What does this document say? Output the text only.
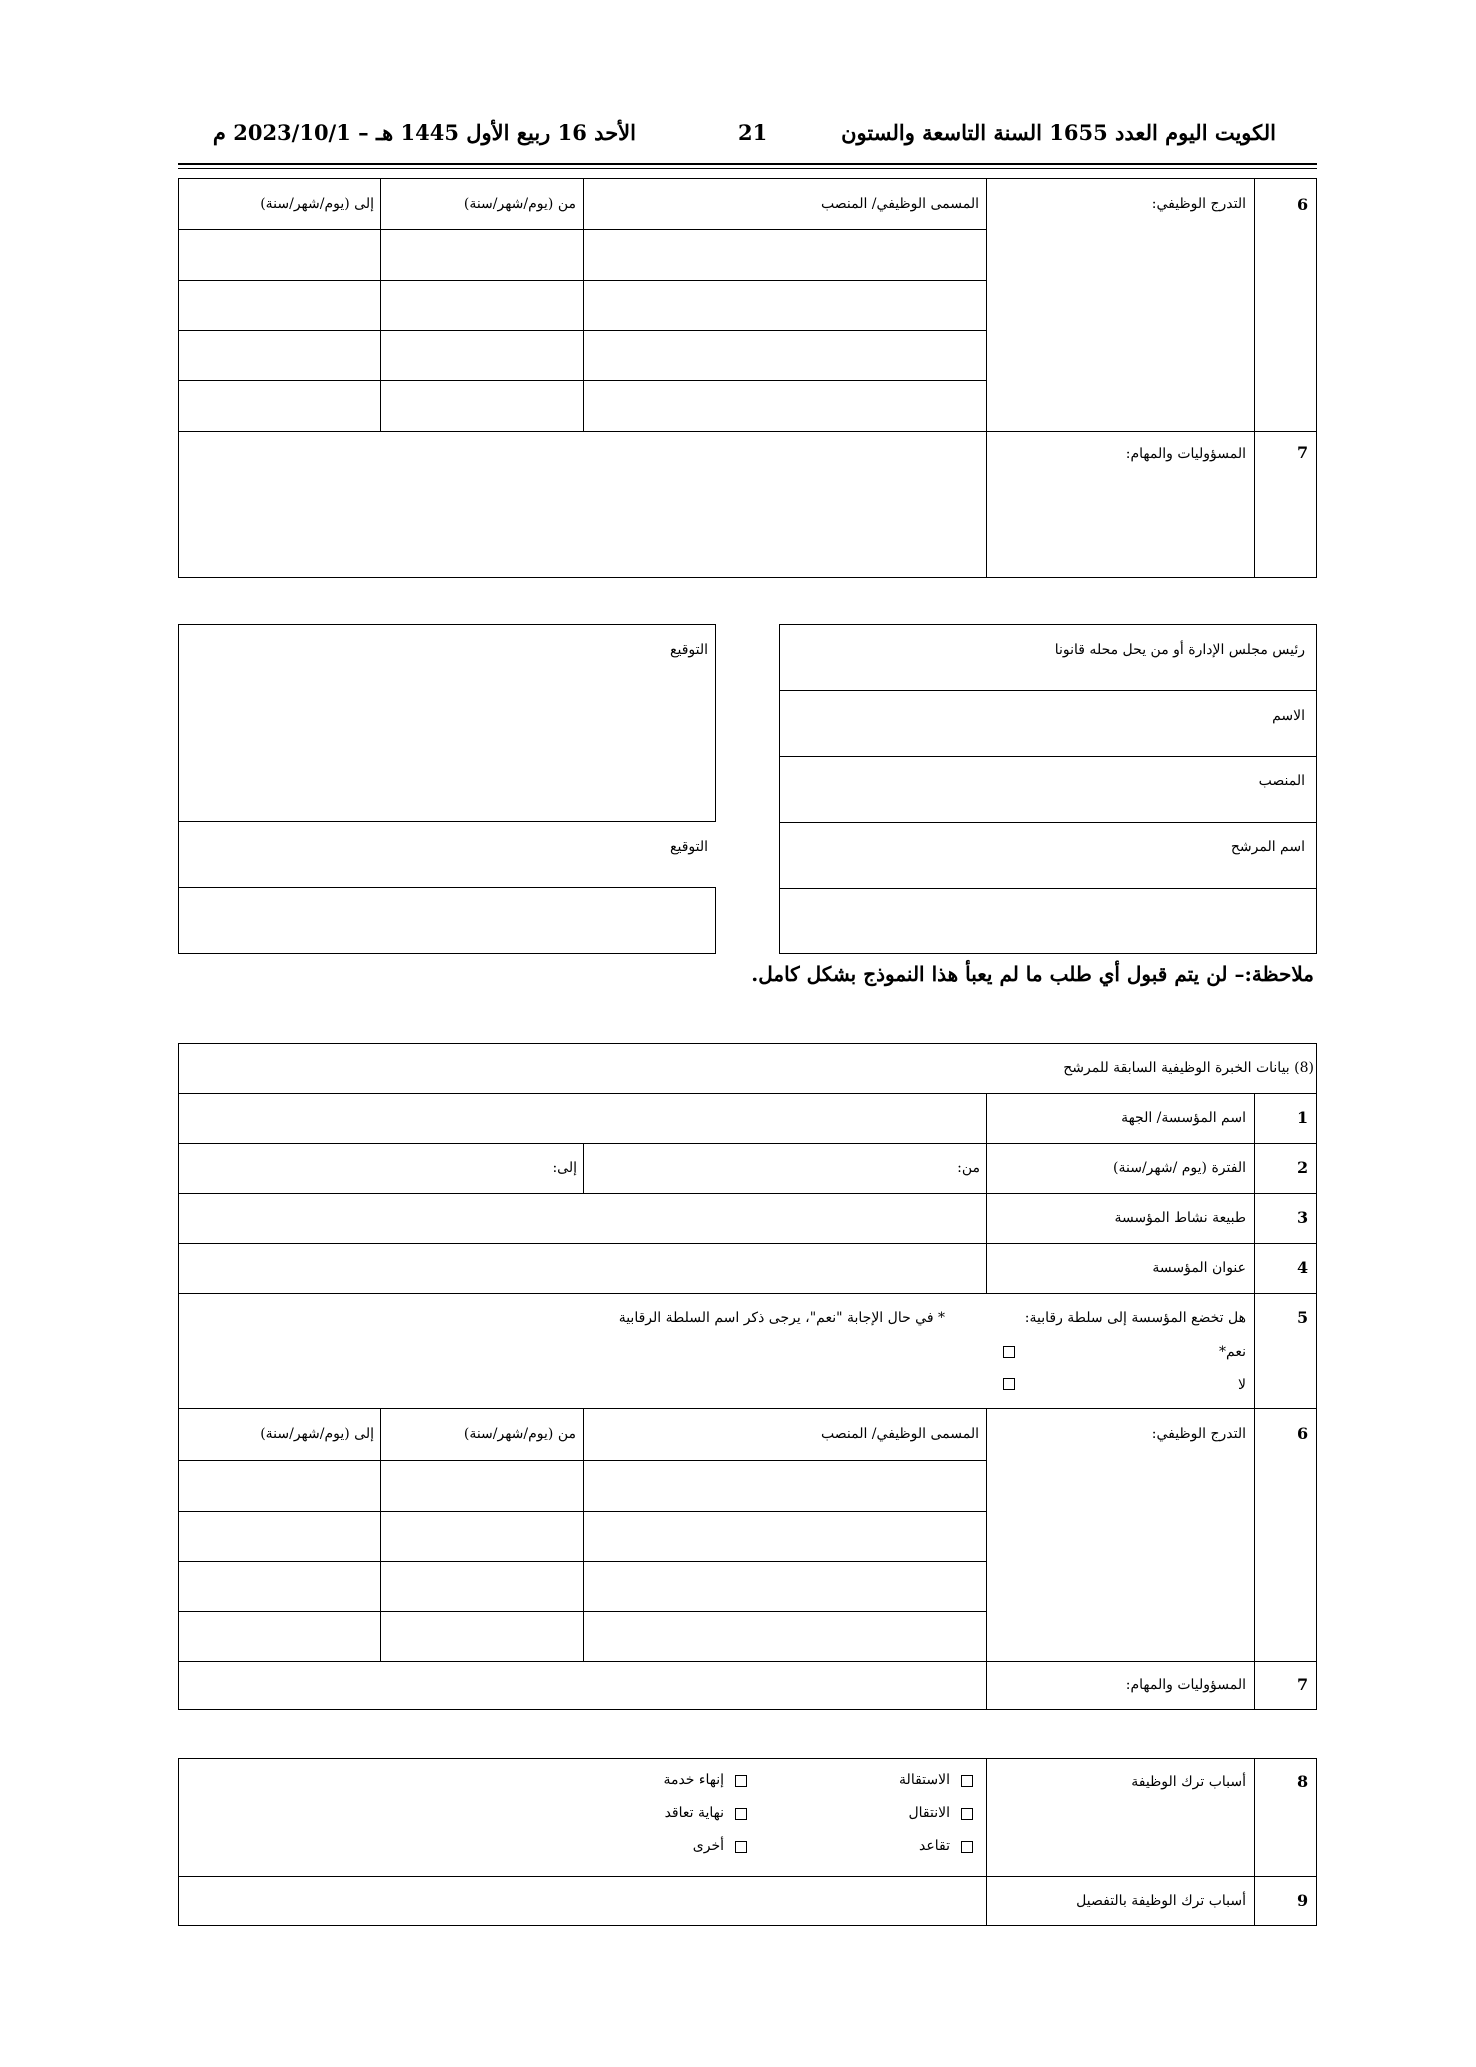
الكويت اليوم العدد 1655 السنة التاسعة والستون
21
الأحد 16 ربيع الأول 1445 هـ – 2023/10/1 م
6
التدرج الوظيفي:
المسمى الوظيفي/ المنصب
من (يوم/شهر/سنة)
إلى (يوم/شهر/سنة)
7
المسؤوليات والمهام:
رئيس مجلس الإدارة أو من يحل محله قانونا
الاسم
المنصب
اسم المرشح
التوقيع
التوقيع
ملاحظة:– لن يتم قبول أي طلب ما لم يعبأ هذا النموذج بشكل كامل.
(8) بيانات الخبرة الوظيفية السابقة للمرشح
1
اسم المؤسسة/ الجهة
2
الفترة (يوم /شهر/سنة)
من:
إلى:
3
طبيعة نشاط المؤسسة
4
عنوان المؤسسة
5
هل تخضع المؤسسة إلى سلطة رقابية:
نعم*
لا
* في حال الإجابة "نعم"، يرجى ذكر اسم السلطة الرقابية
6
التدرج الوظيفي:
المسمى الوظيفي/ المنصب
من (يوم/شهر/سنة)
إلى (يوم/شهر/سنة)
7
المسؤوليات والمهام:
8
أسباب ترك الوظيفة
الاستقالة
الانتقال
تقاعد
إنهاء خدمة
نهاية تعاقد
أخرى
9
أسباب ترك الوظيفة بالتفصيل
